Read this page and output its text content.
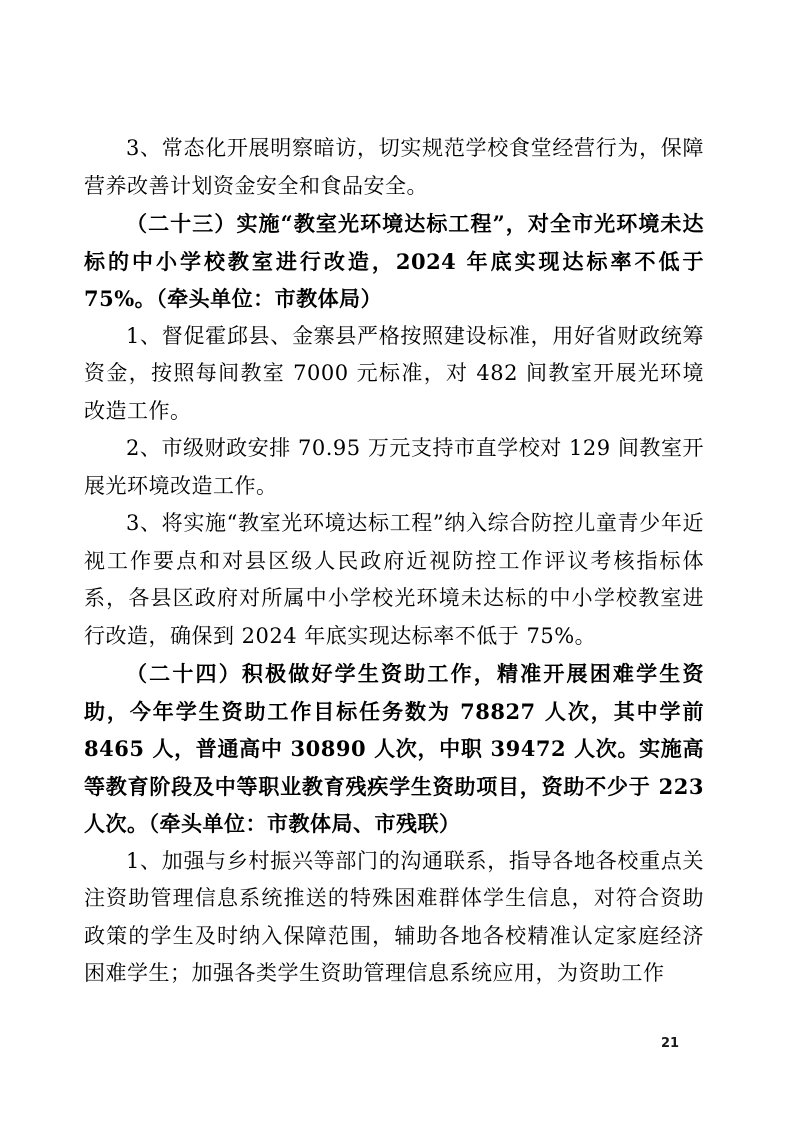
3、常态化开展明察暗访，切实规范学校食堂经营行为，保障营养改善计划资金安全和食品安全。

（二十三）实施“教室光环境达标工程”，对全市光环境未达标的中小学校教室进行改造，2024 年底实现达标率不低于 75%。（牵头单位：市教体局）

1、督促霍邱县、金寨县严格按照建设标准，用好省财政统筹资金，按照每间教室 7000 元标准，对 482 间教室开展光环境改造工作。

2、市级财政安排 70.95 万元支持市直学校对 129 间教室开展光环境改造工作。

3、将实施“教室光环境达标工程”纳入综合防控儿童青少年近视工作要点和对县区级人民政府近视防控工作评议考核指标体系，各县区政府对所属中小学校光环境未达标的中小学校教室进行改造，确保到 2024 年底实现达标率不低于 75%。

（二十四）积极做好学生资助工作，精准开展困难学生资助，今年学生资助工作目标任务数为 78827 人次，其中学前 8465 人，普通高中 30890 人次，中职 39472 人次。实施高等教育阶段及中等职业教育残疾学生资助项目，资助不少于 223 人次。（牵头单位：市教体局、市残联）

1、加强与乡村振兴等部门的沟通联系，指导各地各校重点关注资助管理信息系统推送的特殊困难群体学生信息，对符合资助政策的学生及时纳入保障范围，辅助各地各校精准认定家庭经济困难学生；加强各类学生资助管理信息系统应用，为资助工作

21
